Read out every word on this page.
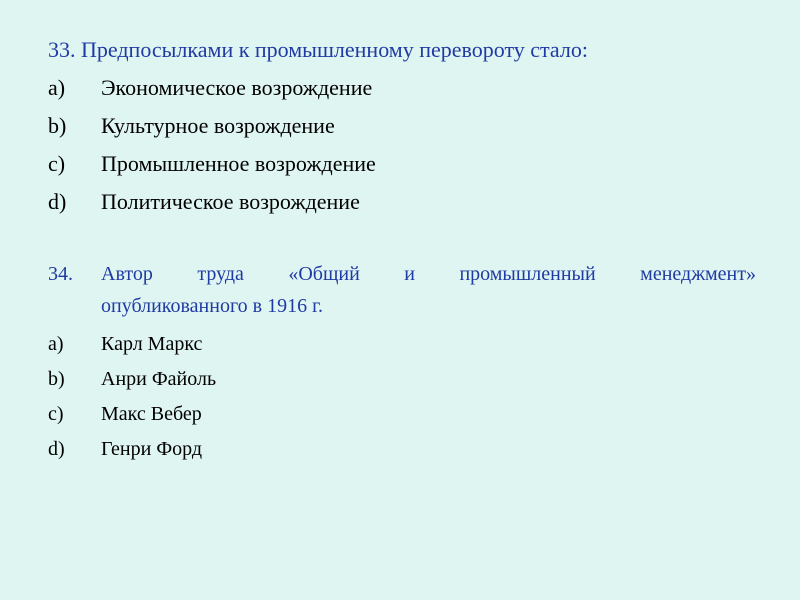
33. Предпосылками к промышленному перевороту стало:
a)	Экономическое возрождение
b)	Культурное возрождение
c)	Промышленное возрождение
d)	Политическое возрождение
34.	Автор труда «Общий и промышленный менеджмент»
опубликованного в 1916 г.
a)	Карл Маркс
b)	Анри Файоль
c)	Макс Вебер
d)	Генри Форд
